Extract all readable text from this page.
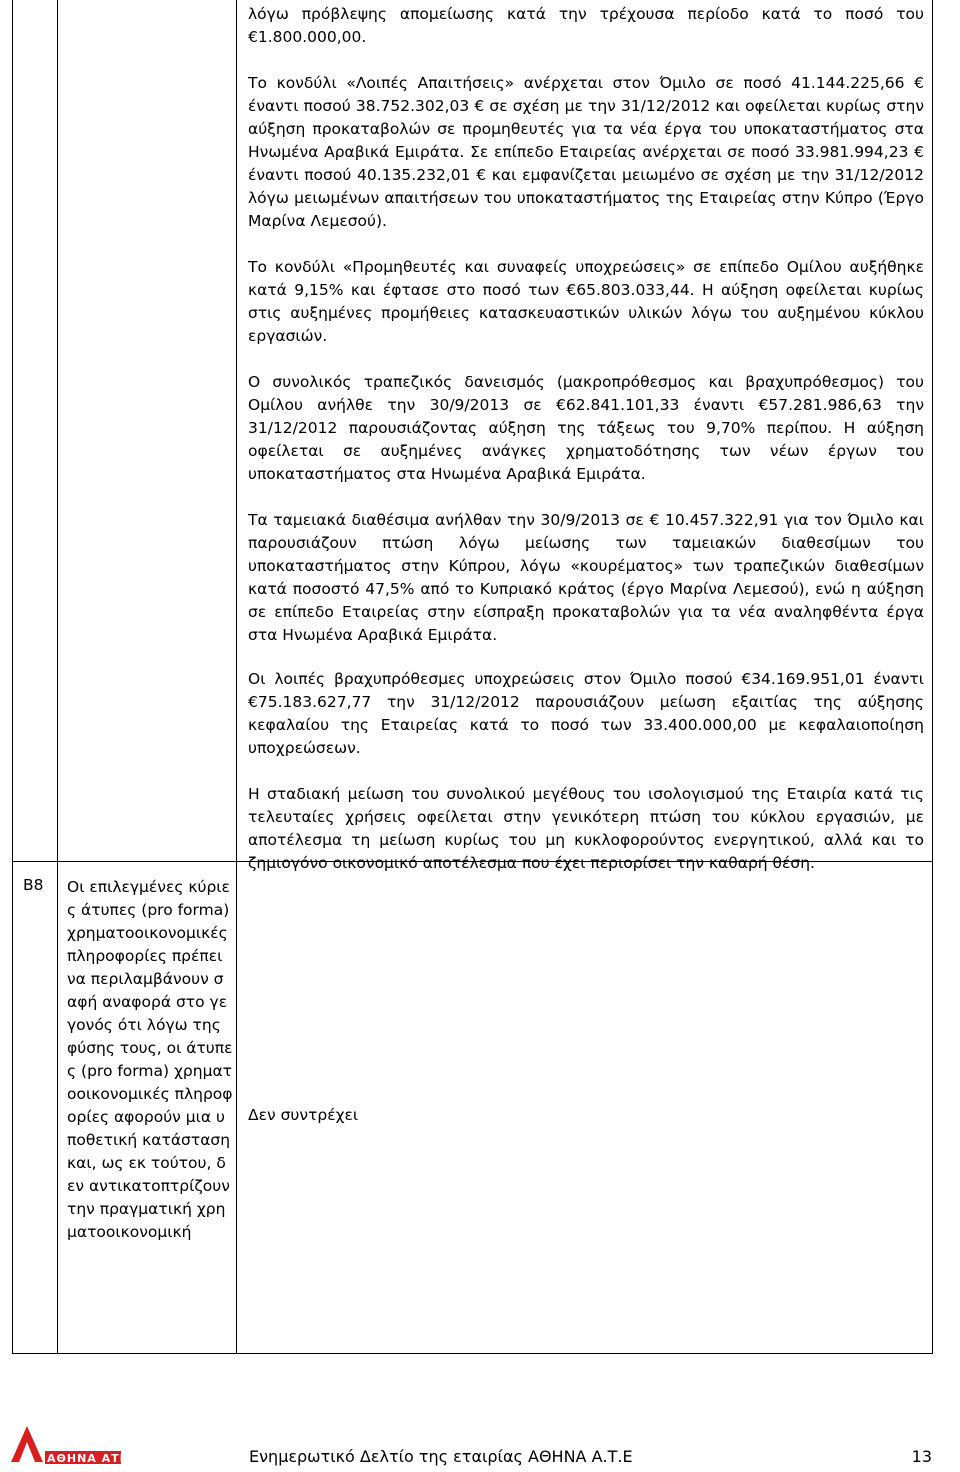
λόγω πρόβλεψης απομείωσης κατά την τρέχουσα περίοδο κατά το ποσό του €1.800.000,00.

Το κονδύλι «Λοιπές Απαιτήσεις» ανέρχεται στον Όμιλο σε ποσό 41.144.225,66 € έναντι ποσού 38.752.302,03 € σε σχέση με την 31/12/2012 και οφείλεται κυρίως στην αύξηση προκαταβολών σε προμηθευτές για τα νέα έργα του υποκαταστήματος στα Ηνωμένα Αραβικά Εμιράτα. Σε επίπεδο Εταιρείας ανέρχεται σε ποσό 33.981.994,23 € έναντι ποσού 40.135.232,01 € και εμφανίζεται μειωμένο σε σχέση με την 31/12/2012 λόγω μειωμένων απαιτήσεων του υποκαταστήματος της Εταιρείας στην Κύπρο (Έργο Μαρίνα Λεμεσού).

Το κονδύλι «Προμηθευτές και συναφείς υποχρεώσεις» σε επίπεδο Ομίλου αυξήθηκε κατά 9,15% και έφτασε στο ποσό των €65.803.033,44. Η αύξηση οφείλεται κυρίως στις αυξημένες προμήθειες κατασκευαστικών υλικών λόγω του αυξημένου κύκλου εργασιών.

Ο συνολικός τραπεζικός δανεισμός (μακροπρόθεσμος και βραχυπρόθεσμος) του Ομίλου ανήλθε την 30/9/2013 σε €62.841.101,33 έναντι €57.281.986,63 την 31/12/2012 παρουσιάζοντας αύξηση της τάξεως του 9,70% περίπου. Η αύξηση οφείλεται σε αυξημένες ανάγκες χρηματοδότησης των νέων έργων του υποκαταστήματος στα Ηνωμένα Αραβικά Εμιράτα.

Τα ταμειακά διαθέσιμα ανήλθαν την 30/9/2013 σε € 10.457.322,91 για τον Όμιλο και παρουσιάζουν πτώση λόγω μείωσης των ταμειακών διαθεσίμων του υποκαταστήματος στην Κύπρου, λόγω «κουρέματος» των τραπεζικών διαθεσίμων κατά ποσοστό 47,5% από το Κυπριακό κράτος (έργο Μαρίνα Λεμεσού), ενώ η αύξηση σε επίπεδο Εταιρείας στην είσπραξη προκαταβολών για τα νέα αναληφθέντα έργα στα Ηνωμένα Αραβικά Εμιράτα.

Οι λοιπές βραχυπρόθεσμες υποχρεώσεις στον Όμιλο ποσού €34.169.951,01 έναντι €75.183.627,77 την 31/12/2012 παρουσιάζουν μείωση εξαιτίας της αύξησης κεφαλαίου της Εταιρείας κατά το ποσό των 33.400.000,00 με κεφαλαιοποίηση υποχρεώσεων.

Η σταδιακή μείωση του συνολικού μεγέθους του ισολογισμού της Εταιρία κατά τις τελευταίες χρήσεις οφείλεται στην γενικότερη πτώση του κύκλου εργασιών, με αποτέλεσμα τη μείωση κυρίως του μη κυκλοφορούντος ενεργητικού, αλλά και το ζημιογόνο οικονομικό αποτέλεσμα που έχει περιορίσει την καθαρή θέση.

Δεν συντρέχει

B8 Οι επιλεγμένες κύριες άτυπες (pro forma) χρηματοοικονομικές πληροφορίες πρέπει να περιλαμβάνουν σαφή αναφορά στο γεγονός ότι λόγω της φύσης τους, οι άτυπες (pro forma) χρηματοοικονομικές πληροφορίες αφορούν μια υποθετική κατάσταση και, ως εκ τούτου, δεν αντικατοπτρίζουν την πραγματική χρηματοοικονομική
ΑΘΗΝΑ ΑΤΕ	Ενημερωτικό Δελτίο της εταιρίας ΑΘΗΝΑ Α.Τ.Ε	13
